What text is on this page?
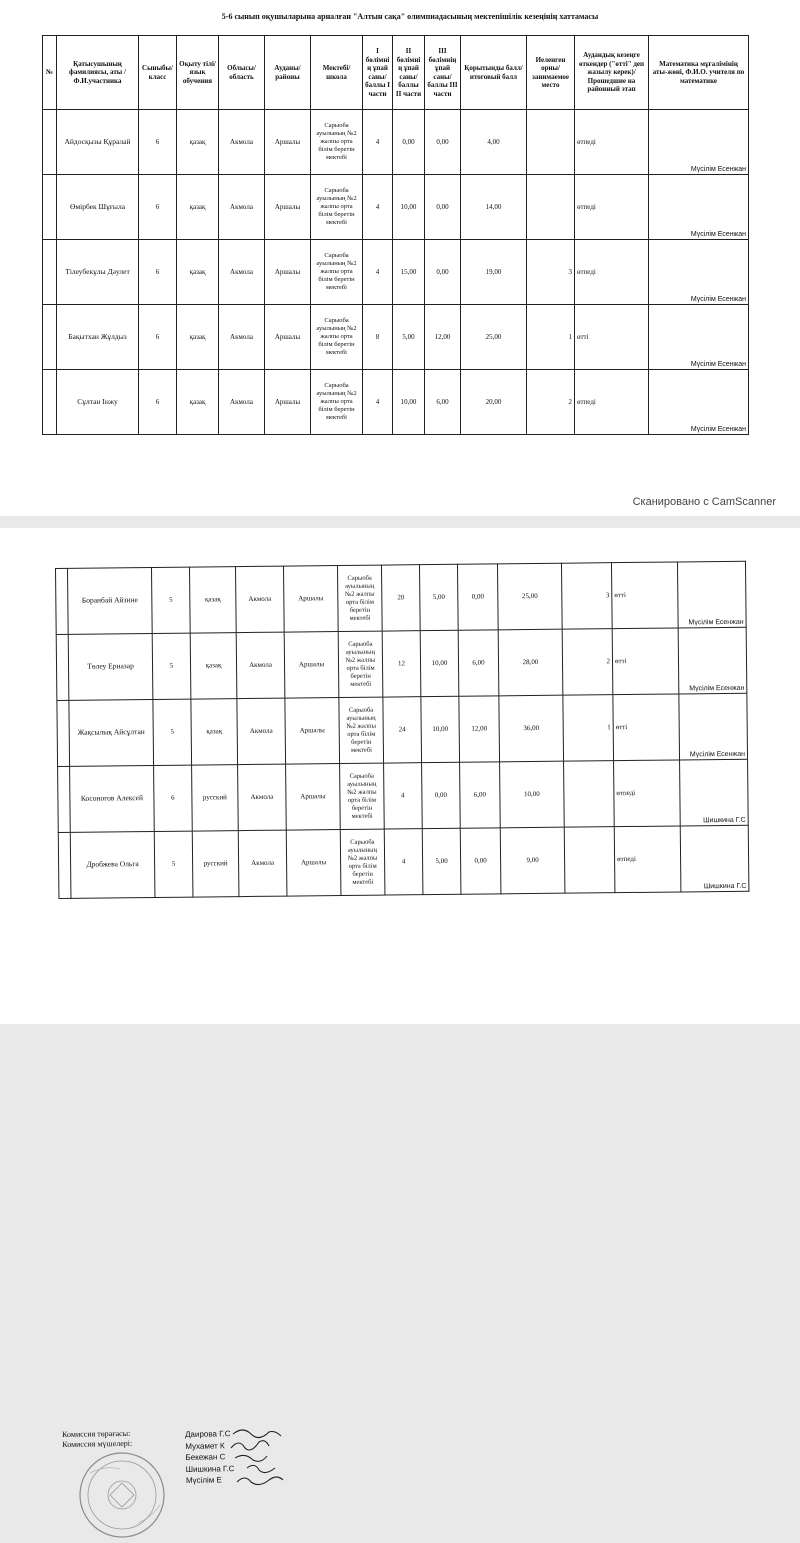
5-6 сынып оқушыларына арналған "Алтын сақа" олимпиадасының мектепішілік кезеңінің хаттамасы
№	Қатысушының фамилиясы, аты /Ф.И.участника	Сыныбы/класс	Оқыту тілі/ язык обучения	Облысы/ область	Ауданы/ районы	Мектебі/ школа	I бөлімнің ұпай саны/ баллы I части	II бөлімнің ұпай саны/ баллы II части	III бөлімнің ұпай саны/ баллы III части	Қорытынды балл/ итоговый балл	Иеленген орны/ занимаемое место	Аудандық кезеңге өткендер ("өтті" деп жазылу керек)/ Прошедшие на районный этап	Математика мұғалімінің аты-жөні, Ф.И.О. учителя по математике
	Айдосқызы Құралай	6	қазақ	Акмола	Аршалы	Сарыоба ауылының №2 жалпы орта білім беретін мектебі	4	0,00	0,00	4,00		өтпеді	Мүсілім Есенжан
	Өмірбек Шұғыла	6	қазақ	Акмола	Аршалы	Сарыоба ауылының №2 жалпы орта білім беретін мектебі	4	10,00	0,00	14,00		өтпеді	Мүсілім Есенжан
	Тілеубекұлы Дәулет	6	қазақ	Акмола	Аршалы	Сарыоба ауылының №2 жалпы орта білім беретін мектебі	4	15,00	0,00	19,00	3	өтпеді	Мүсілім Есенжан
	Бақытхан Жұлдыз	6	қазақ	Акмола	Аршалы	Сарыоба ауылының №2 жалпы орта білім беретін мектебі	8	5,00	12,00	25,00	1	өтті	Мүсілім Есенжан
	Сұлтан Інжу	6	қазақ	Акмола	Аршалы	Сарыоба ауылының №2 жалпы орта білім беретін мектебі	4	10,00	6,00	20,00	2	өтпеді	Мүсілім Есенжан
Сканировано с CamScanner
	Боранбай Айзине	5	қазақ	Акмола	Аршалы	Сарыоба ауылының №2 жалпы орта білім беретін мектебі	20	5,00	0,00	25,00	3	өтті	Мүсілім Есенжан
	Төлеу Ерназар	5	қазақ	Акмола	Аршалы	Сарыоба ауылының №2 жалпы орта білім беретін мектебі	12	10,00	6,00	28,00	2	өтті	Мүсілім Есенжан
	Жақсылық Айсұлтан	5	қазақ	Акмола	Аршалы	Сарыоба ауылының №2 жалпы орта білім беретін мектебі	24	10,00	12,00	36,00	1	өтті	Мүсілім Есенжан
	Косоногов Алексей	6	русский	Акмола	Аршалы	Сарыоба ауылының №2 жалпы орта білім беретін мектебі	4	0,00	6,00	10,00		өтпеді	Шишкина Г.С
	Дробжева Ольга	5	русский	Акмола	Аршалы	Сарыоба ауылының №2 жалпы орта білім беретін мектебі	4	5,00	0,00	9,00		өтпеді	Шишкина Г.С
Комиссия төрағасы:
Комиссия мүшелері:
Даирова Г.С
Мухамет К
Бекежан С
Шишкина Г.С
Мүсілім Е
